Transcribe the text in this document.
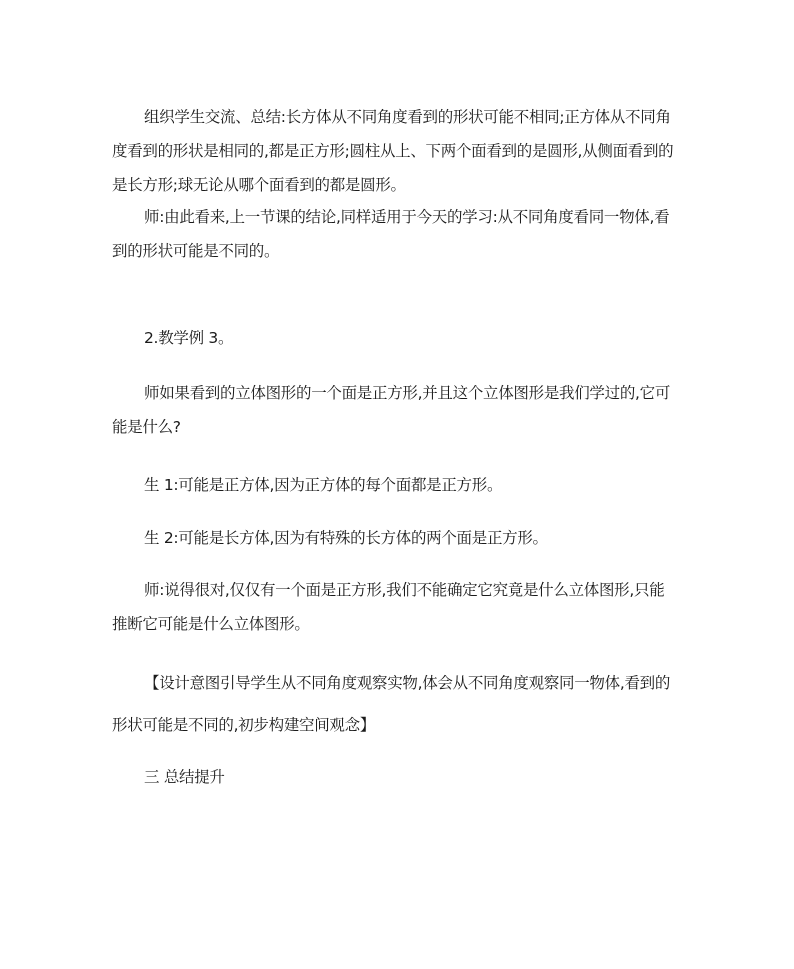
组织学生交流、总结:长方体从不同角度看到的形状可能不相同;正方体从不同角
度看到的形状是相同的,都是正方形;圆柱从上、下两个面看到的是圆形,从侧面看到的
是长方形;球无论从哪个面看到的都是圆形。

师:由此看来,上一节课的结论,同样适用于今天的学习:从不同角度看同一物体,看
到的形状可能是不同的。

2.教学例 3。

师如果看到的立体图形的一个面是正方形,并且这个立体图形是我们学过的,它可
能是什么?

生 1:可能是正方体,因为正方体的每个面都是正方形。

生 2:可能是长方体,因为有特殊的长方体的两个面是正方形。

师:说得很对,仅仅有一个面是正方形,我们不能确定它究竟是什么立体图形,只能
推断它可能是什么立体图形。

【设计意图引导学生从不同角度观察实物,体会从不同角度观察同一物体,看到的
形状可能是不同的,初步构建空间观念】

三 总结提升
